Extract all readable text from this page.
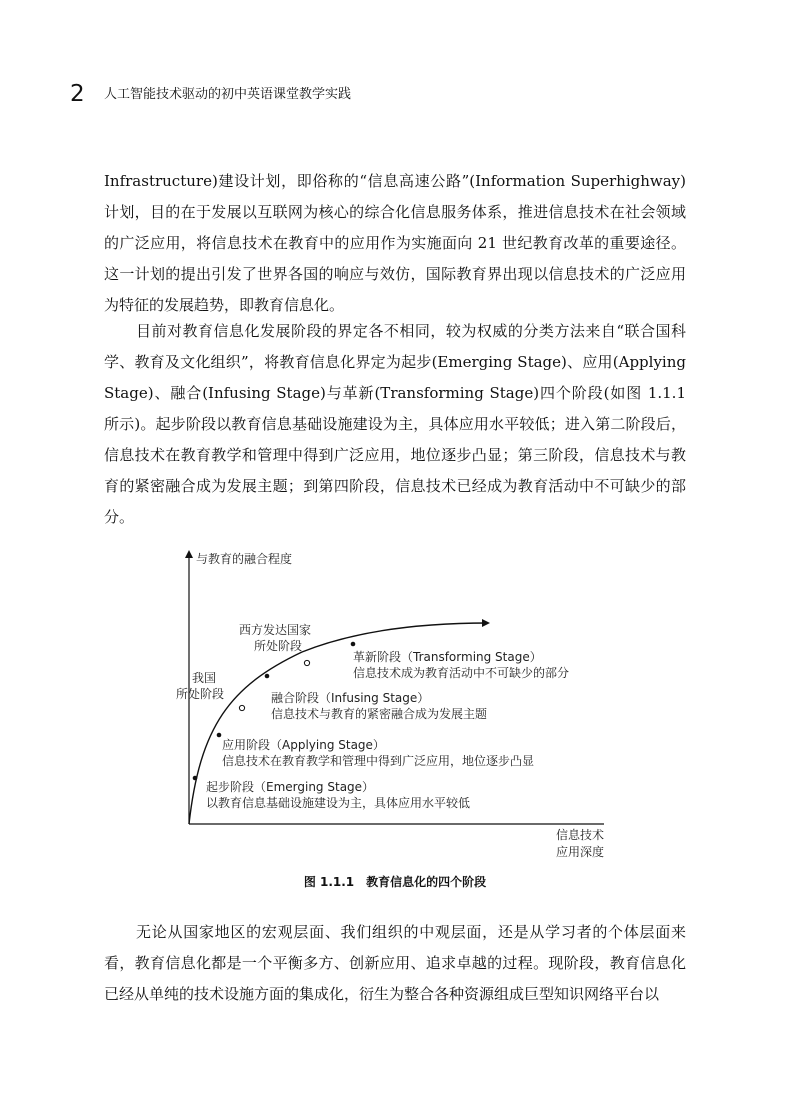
2 人工智能技术驱动的初中英语课堂教学实践

Infrastructure)建设计划，即俗称的“信息高速公路”(Information Superhighway)计划，目的在于发展以互联网为核心的综合化信息服务体系，推进信息技术在社会领域的广泛应用，将信息技术在教育中的应用作为实施面向 21 世纪教育改革的重要途径。这一计划的提出引发了世界各国的响应与效仿，国际教育界出现以信息技术的广泛应用为特征的发展趋势，即教育信息化。

目前对教育信息化发展阶段的界定各不相同，较为权威的分类方法来自“联合国科学、教育及文化组织”，将教育信息化界定为起步(Emerging Stage)、应用(Applying Stage)、融合(Infusing Stage)与革新(Transforming Stage)四个阶段(如图 1.1.1 所示)。起步阶段以教育信息基础设施建设为主，具体应用水平较低；进入第二阶段后，信息技术在教育教学和管理中得到广泛应用，地位逐步凸显；第三阶段，信息技术与教育的紧密融合成为发展主题；到第四阶段，信息技术已经成为教育活动中不可缺少的部分。

与教育的融合程度
信息技术
应用深度
我国
所处阶段
西方发达国家
所处阶段
起步阶段（Emerging Stage）
以教育信息基础设施建设为主，具体应用水平较低
应用阶段（Applying Stage）
信息技术在教育教学和管理中得到广泛应用，地位逐步凸显
融合阶段（Infusing Stage）
信息技术与教育的紧密融合成为发展主题
革新阶段（Transforming Stage）
信息技术成为教育活动中不可缺少的部分
图 1.1.1　教育信息化的四个阶段

无论从国家地区的宏观层面、我们组织的中观层面，还是从学习者的个体层面来看，教育信息化都是一个平衡多方、创新应用、追求卓越的过程。现阶段，教育信息化已经从单纯的技术设施方面的集成化，衍生为整合各种资源组成巨型知识网络平台以
